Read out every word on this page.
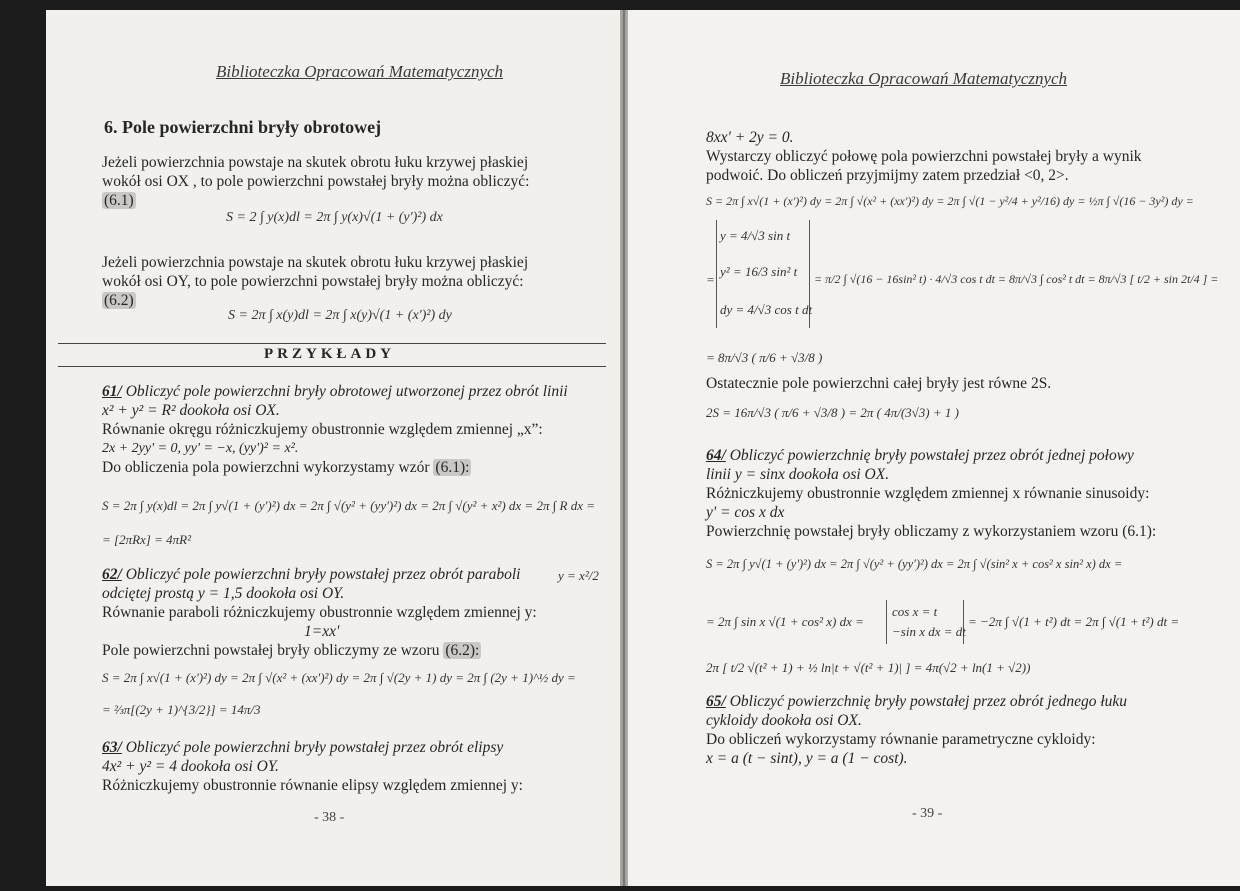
Biblioteczka Opracowań Matematycznych
6. Pole powierzchni bryły obrotowej
Jeżeli powierzchnia powstaje na skutek obrotu łuku krzywej płaskiej
wokół osi OX , to pole powierzchni powstałej bryły można obliczyć:
(6.1)
S = 2 ∫ y(x)dl = 2π ∫ y(x)√(1 + (y')²) dx
Jeżeli powierzchnia powstaje na skutek obrotu łuku krzywej płaskiej
wokół osi OY, to pole powierzchni powstałej bryły można obliczyć:
(6.2)
S = 2π ∫ x(y)dl = 2π ∫ x(y)√(1 + (x')²) dy
PRZYKŁADY
61/ Obliczyć pole powierzchni bryły obrotowej utworzonej przez obrót linii
x² + y² = R² dookoła osi OX.
Równanie okręgu różniczkujemy obustronnie względem zmiennej „x”:
2x + 2yy' = 0, yy' = −x, (yy')² = x².
Do obliczenia pola powierzchni wykorzystamy wzór (6.1):
S = 2π ∫ y(x)dl = 2π ∫ y√(1 + (y')²) dx = 2π ∫ √(y² + (yy')²) dx = 2π ∫ √(y² + x²) dx = 2π ∫ R dx =
= [2πRx] = 4πR²
62/ Obliczyć pole powierzchni bryły powstałej przez obrót paraboli	y = x²/2
odciętej prostą y = 1,5 dookoła osi OY.
Równanie paraboli różniczkujemy obustronnie względem zmiennej y:
1=xx'
Pole powierzchni powstałej bryły obliczymy ze wzoru (6.2):
S = 2π ∫ x√(1 + (x')²) dy = 2π ∫ √(x² + (xx')²) dy = 2π ∫ √(2y + 1) dy = 2π ∫ (2y + 1)^½ dy =
= ⅔π[(2y + 1)^{3/2}] = 14π/3
63/ Obliczyć pole powierzchni bryły powstałej przez obrót elipsy
4x² + y² = 4 dookoła osi OY.
Różniczkujemy obustronnie równanie elipsy względem zmiennej y:
- 38 -
Biblioteczka Opracowań Matematycznych
8xx' + 2y = 0.
Wystarczy obliczyć połowę pola powierzchni powstałej bryły a wynik
podwoić. Do obliczeń przyjmijmy zatem przedział <0, 2>.
S = 2π ∫ x√(1 + (x')²) dy = 2π ∫ √(x² + (xx')²) dy = 2π ∫ √(1 − y²/4 + y²/16) dy = ½π ∫ √(16 − 3y²) dy =
y = 4/√3 sin t
y² = 16/3 sin² t
dy = 4/√3 cos t dt
=	= π/2 ∫ √(16 − 16sin² t) · 4/√3 cos t dt = 8π/√3 ∫ cos² t dt = 8π/√3 [ t/2 + sin 2t/4 ] =
= 8π/√3 ( π/6 + √3/8 )
Ostatecznie pole powierzchni całej bryły jest równe 2S.
2S = 16π/√3 ( π/6 + √3/8 ) = 2π ( 4π/(3√3) + 1 )
64/ Obliczyć powierzchnię bryły powstałej przez obrót jednej połowy
linii y = sinx dookoła osi OX.
Różniczkujemy obustronnie względem zmiennej x równanie sinusoidy:
y' = cos x dx
Powierzchnię powstałej bryły obliczamy z wykorzystaniem wzoru (6.1):
S = 2π ∫ y√(1 + (y')²) dx = 2π ∫ √(y² + (yy')²) dx = 2π ∫ √(sin² x + cos² x sin² x) dx =
= 2π ∫ sin x √(1 + cos² x) dx =
cos x = t
−sin x dx = dt
= −2π ∫ √(1 + t²) dt = 2π ∫ √(1 + t²) dt =
2π [ t/2 √(t² + 1) + ½ ln|t + √(t² + 1)| ] = 4π(√2 + ln(1 + √2))
65/ Obliczyć powierzchnię bryły powstałej przez obrót jednego łuku
cykloidy dookoła osi OX.
Do obliczeń wykorzystamy równanie parametryczne cykloidy:
x = a (t − sint), y = a (1 − cost).
- 39 -
